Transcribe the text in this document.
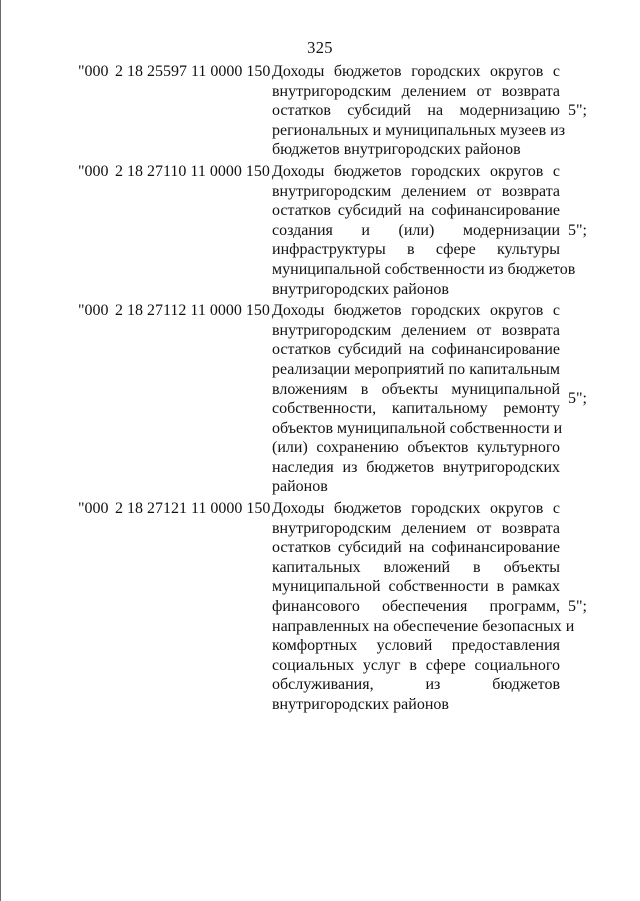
325
"000 2 18 25597 11 0000 150 Доходы бюджетов городских округов с
внутригородским делением от возврата
остатков субсидий на модернизацию
региональных и муниципальных музеев из
бюджетов внутригородских районов
5";
"000 2 18 27110 11 0000 150 Доходы бюджетов городских округов с
внутригородским делением от возврата
остатков субсидий на софинансирование
создания и (или) модернизации
инфраструктуры в сфере культуры
муниципальной собственности из бюджетов
внутригородских районов
5";
"000 2 18 27112 11 0000 150 Доходы бюджетов городских округов с
внутригородским делением от возврата
остатков субсидий на софинансирование
реализации мероприятий по капитальным
вложениям в объекты муниципальной
собственности, капитальному ремонту
объектов муниципальной собственности и
(или) сохранению объектов культурного
наследия из бюджетов внутригородских
районов
5";
"000 2 18 27121 11 0000 150 Доходы бюджетов городских округов с
внутригородским делением от возврата
остатков субсидий на софинансирование
капитальных вложений в объекты
муниципальной собственности в рамках
финансового обеспечения программ,
направленных на обеспечение безопасных и
комфортных условий предоставления
социальных услуг в сфере социального
обслуживания, из бюджетов
внутригородских районов
5";
